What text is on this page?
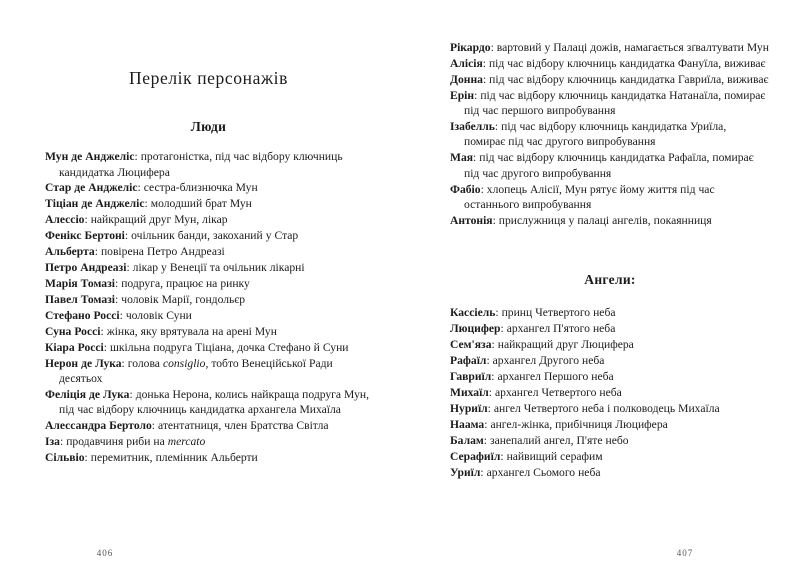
Перелік персонажів
Люди
Мун де Анджеліс: протагоністка, під час відбору ключниць кандидатка Люцифера
Стар де Анджеліс: сестра-близнючка Мун
Тіціан де Анджеліс: молодший брат Мун
Алессіо: найкращий друг Мун, лікар
Фенікс Бертоні: очільник банди, закоханий у Стар
Альберта: повірена Петро Андреазі
Петро Андреазі: лікар у Венеції та очільник лікарні
Марія Томазі: подруга, працює на ринку
Павел Томазі: чоловік Марії, гондольєр
Стефано Россі: чоловік Суни
Суна Россі: жінка, яку врятувала на арені Мун
Кіара Россі: шкільна подруга Тіціана, дочка Стефано й Суни
Нерон де Лука: голова consiglio, тобто Венеційської Ради десятьох
Феліція де Лука: донька Нерона, колись найкраща подруга Мун, під час відбору ключниць кандидатка архангела Михаїла
Алессандра Бертоло: атентатниця, член Братства Світла
Іза: продавчиня риби на mercato
Сільвіо: перемитник, племінник Альберти
406
Рікардо: вартовий у Палаці дожів, намагається зґвалтувати Мун
Алісія: під час відбору ключниць кандидатка Фануїла, виживає
Донна: під час відбору ключниць кандидатка Гавриїла, виживає
Ерін: під час відбору ключниць кандидатка Натанаїла, помирає під час першого випробування
Ізабелль: під час відбору ключниць кандидатка Уриїла, помирає під час другого випробування
Мая: під час відбору ключниць кандидатка Рафаїла, помирає під час другого випробування
Фабіо: хлопець Алісії, Мун рятує йому життя під час останнього випробування
Антонія: прислужниця у палаці ангелів, покаянниця
Ангели:
Кассіель: принц Четвертого неба
Люцифер: архангел П'ятого неба
Сем'яза: найкращий друг Люцифера
Рафаїл: архангел Другого неба
Гавриїл: архангел Першого неба
Михаїл: архангел Четвертого неба
Нуриїл: ангел Четвертого неба і полководець Михаїла
Наама: ангел-жінка, прибічниця Люцифера
Балам: занепалий ангел, П'яте небо
Серафиїл: найвищий серафим
Уриїл: архангел Сьомого неба
407
